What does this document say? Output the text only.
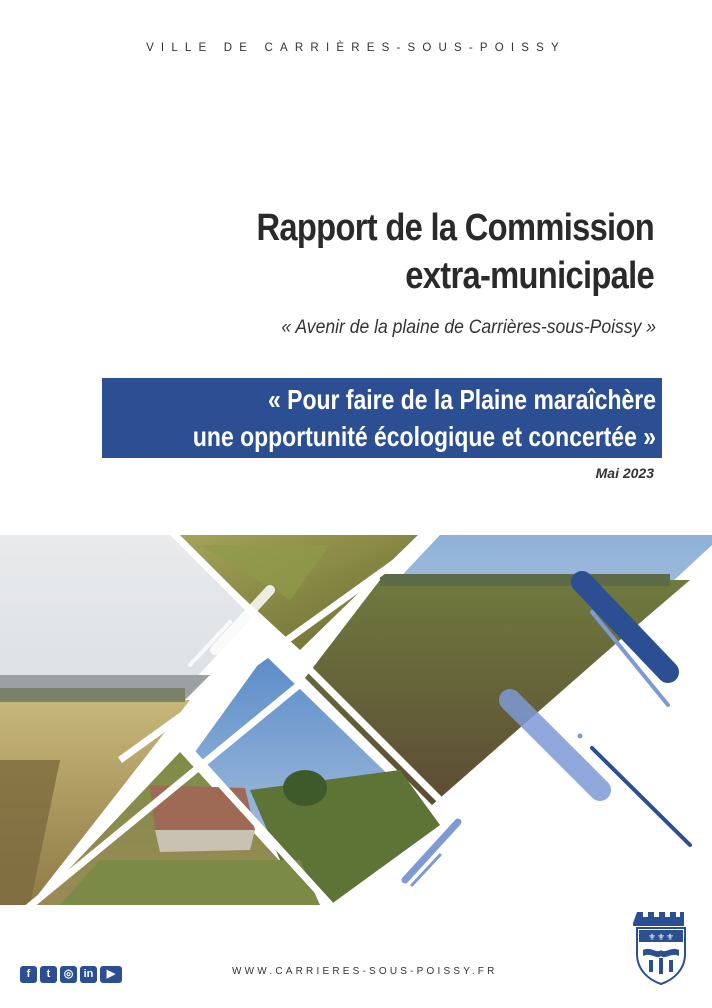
VILLE DE CARRIÈRES-SOUS-POISSY
Rapport de la Commission
extra-municipale
« Avenir de la plaine de Carrières-sous-Poissy »
« Pour faire de la Plaine maraîchère
une opportunité écologique et concertée »
Mai 2023
f	t	◎ in	▶	WWW.CARRIERES-SOUS-POISSY.FR
⚜ ⚜ ⚜
